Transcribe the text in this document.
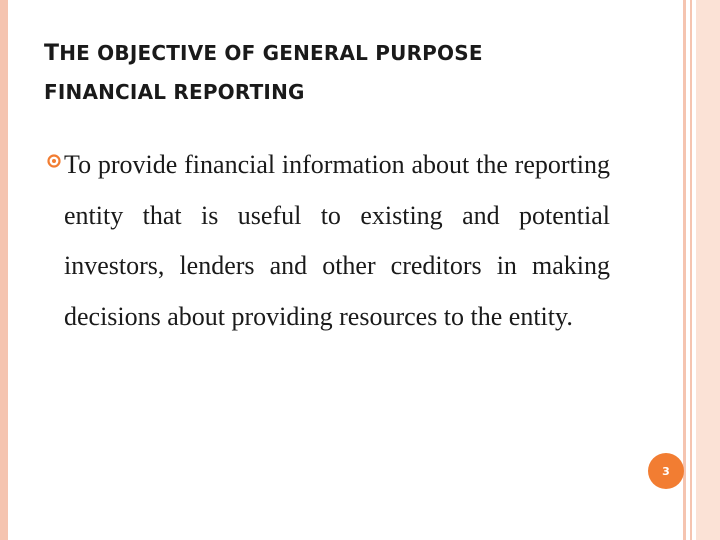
THE OBJECTIVE OF GENERAL PURPOSE
FINANCIAL REPORTING
To provide financial information about the reporting entity that is useful to existing and potential investors, lenders and other creditors in making decisions about providing resources to the entity.
3
